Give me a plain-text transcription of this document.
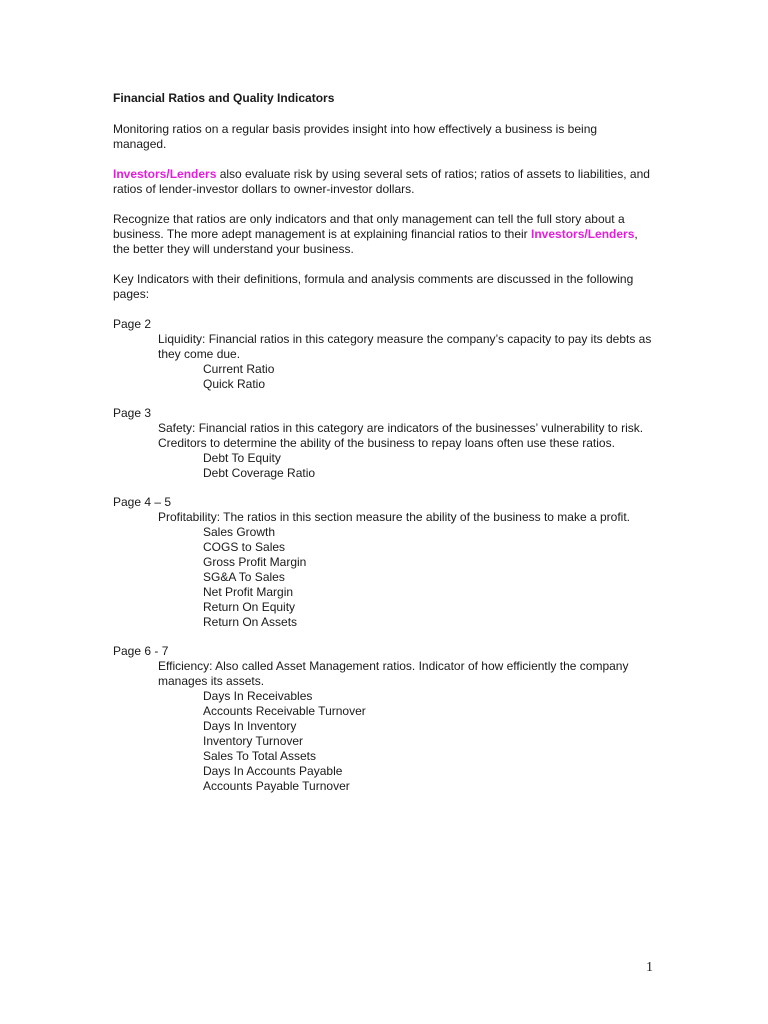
Financial Ratios and Quality Indicators

Monitoring ratios on a regular basis provides insight into how effectively a business is being managed.

Investors/Lenders also evaluate risk by using several sets of ratios; ratios of assets to liabilities, and ratios of lender-investor dollars to owner-investor dollars.

Recognize that ratios are only indicators and that only management can tell the full story about a business. The more adept management is at explaining financial ratios to their Investors/Lenders, the better they will understand your business.

Key Indicators with their definitions, formula and analysis comments are discussed in the following pages:

Page 2

Liquidity: Financial ratios in this category measure the company’s capacity to pay its debts as they come due.

Current Ratio
Quick Ratio

Page 3

Safety: Financial ratios in this category are indicators of the businesses’ vulnerability to risk. Creditors to determine the ability of the business to repay loans often use these ratios.

Debt To Equity
Debt Coverage Ratio

Page 4 – 5

Profitability: The ratios in this section measure the ability of the business to make a profit.

Sales Growth
COGS to Sales
Gross Profit Margin
SG&A To Sales
Net Profit Margin
Return On Equity
Return On Assets

Page 6 - 7

Efficiency: Also called Asset Management ratios. Indicator of how efficiently the company manages its assets.

Days In Receivables
Accounts Receivable Turnover
Days In Inventory
Inventory Turnover
Sales To Total Assets
Days In Accounts Payable
Accounts Payable Turnover
1
